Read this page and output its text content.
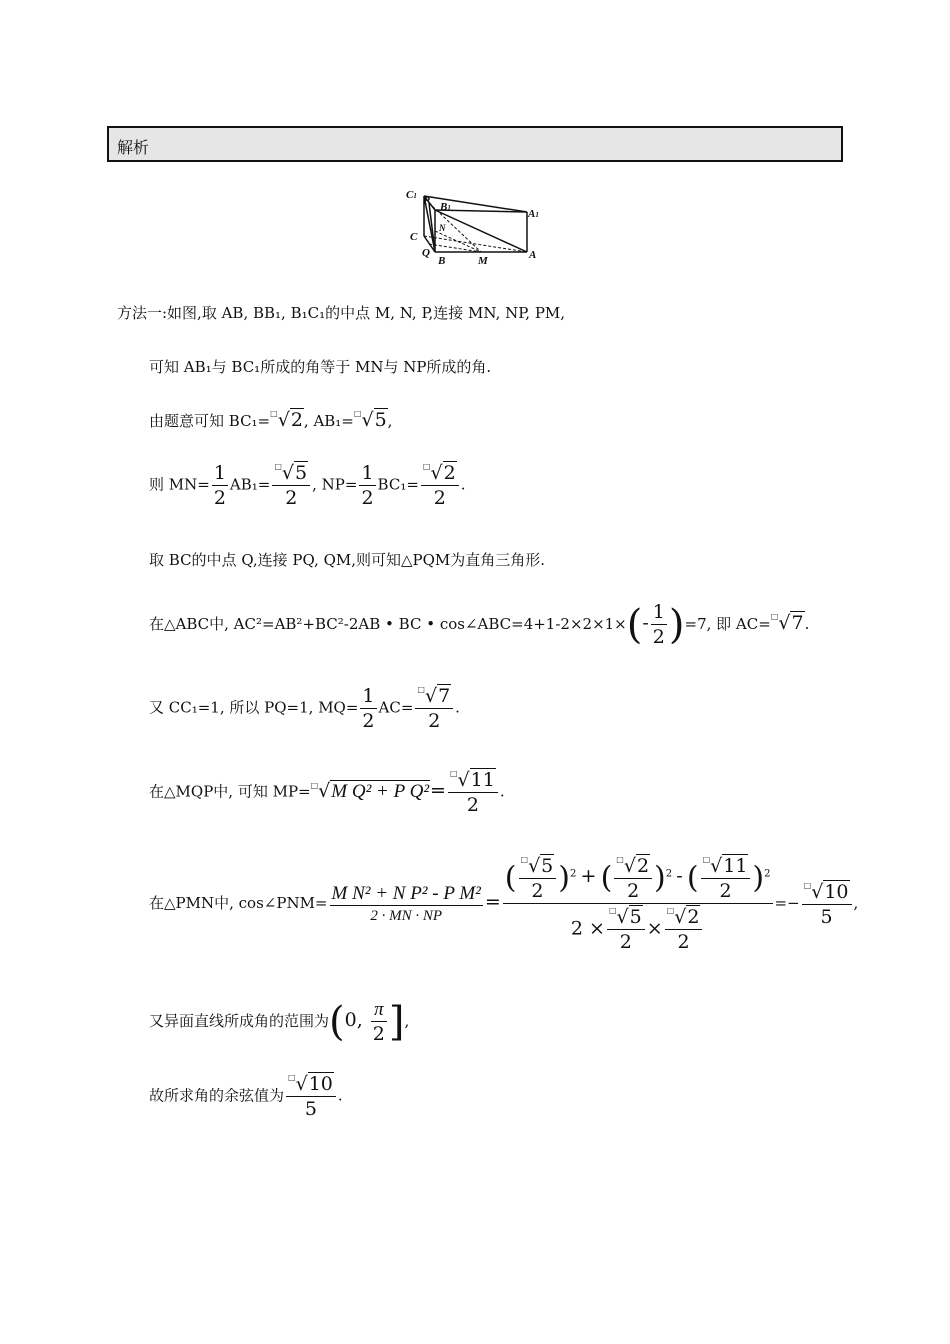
解析
C1 P B1	A1
N
C
Q
B	M	A
方法一:如图,取 AB, BB₁, B₁C₁的中点 M, N, P,连接 MN, NP, PM,
可知 AB₁与 BC₁所成的角等于 MN与 NP所成的角.
由题意可知 BC₁=□√2, AB₁=□√5,
则 $MN= \frac{1}{2} AB_1= \frac{^□√5}{2}$ , $NP= \frac{1}{2} BC_1= \frac{^□√2}{2}$ .
取 BC的中点 Q,连接 PQ, QM,则可知△PQM为直角三角形.
在△ABC中, AC²=AB²+BC²-2AB • BC • cos∠ABC=4+1-2×2×1×(- $\frac{1}{2} )=7$, 即 AC=□√7.
又 CC₁=1, 所以 PQ=1, $MQ= \frac{1}{2} AC= \frac{^□√7}{2}$ .
在△MQP中, 可知 MP=□√M Q² + P $Q^2= \frac{^□√11}{2}$ .
在△PMN中, cos∠PNM= $\frac{\text{M N² + N P² - P M²}}{2 \cdot MN \cdot NP} = \frac{( \frac{^□√5}{2} )^2 + ( \frac{^□√2}{2} )^2 - ( \frac{^□√11}{2} )^2}{2 \times \frac{^□√5}{2} \times \frac{^□√2}{2}} =- \frac{^□√10}{5}$ ,
又异面直线所成角的范围为(0, $\frac{\pi}{2}$ ],
故所求角的余弦值为 $\frac{^□√10}{5}$ .
